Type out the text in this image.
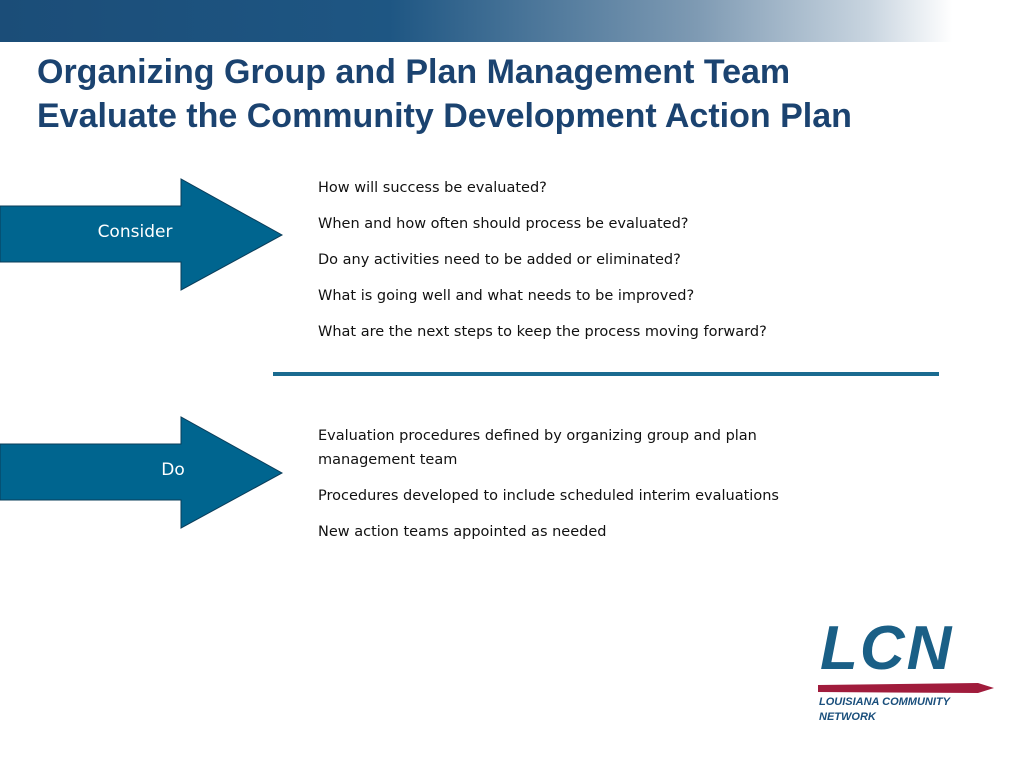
Organizing Group and Plan Management Team
Evaluate the Community Development Action Plan
Consider
How will success be evaluated?
When and how often should process be evaluated?
Do any activities need to be added or eliminated?
What is going well and what needs to be improved?
What are the next steps to keep the process moving forward?
Do
Evaluation procedures defined by organizing group and plan management team
Procedures developed to include scheduled interim evaluations
New action teams appointed as needed
LCN
LOUISIANA COMMUNITY
NETWORK
